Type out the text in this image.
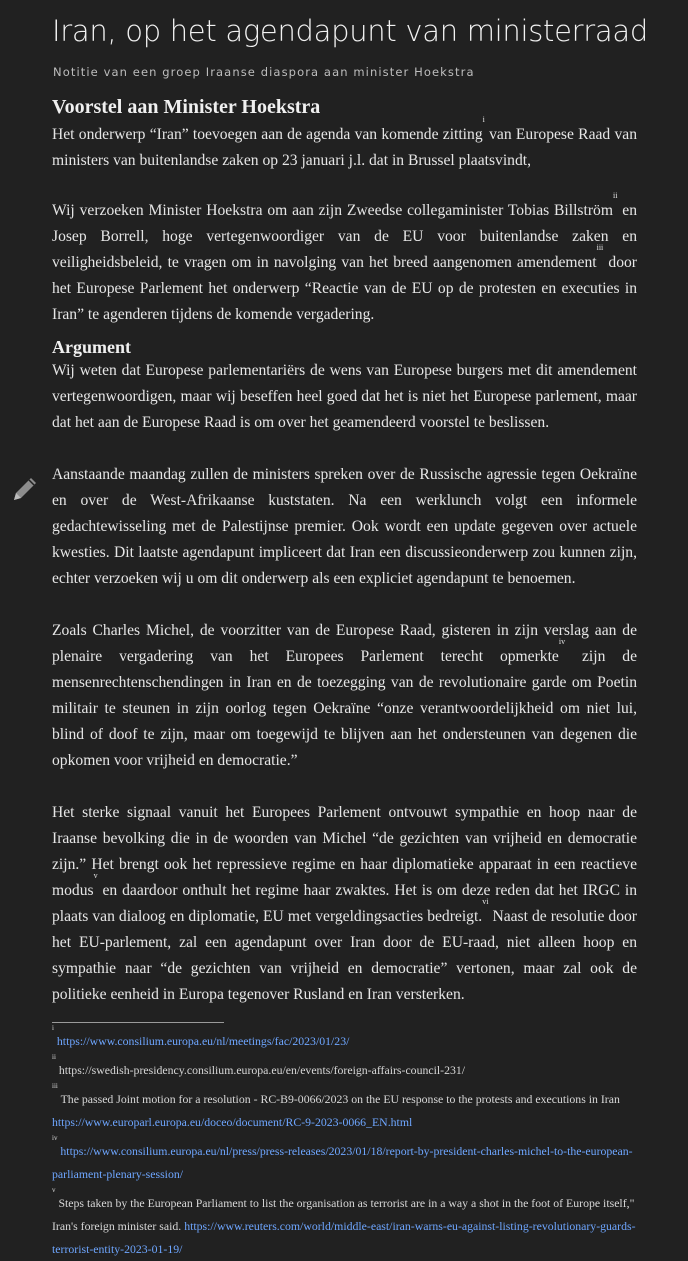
Iran, op het agendapunt van ministerraad

Notitie van een groep Iraanse diaspora aan minister Hoekstra

Voorstel aan Minister Hoekstra

Het onderwerp “Iran” toevoegen aan de agenda van komende zitting$^i$ van Europese Raad van ministers van buitenlandse zaken op 23 januari j.l. dat in Brussel plaatsvindt,

Wij verzoeken Minister Hoekstra om aan zijn Zweedse collegaminister Tobias Billström$^{ii}$ en Josep Borrell, hoge vertegenwoordiger van de EU voor buitenlandse zaken en veiligheidsbeleid, te vragen om in navolging van het breed aangenomen amendement$^{iii}$ door het Europese Parlement het onderwerp “Reactie van de EU op de protesten en executies in Iran” te agenderen tijdens de komende vergadering.

Argument

Wij weten dat Europese parlementariërs de wens van Europese burgers met dit amendement vertegenwoordigen, maar wij beseffen heel goed dat het is niet het Europese parlement, maar dat het aan de Europese Raad is om over het geamendeerd voorstel te beslissen.

Aanstaande maandag zullen de ministers spreken over de Russische agressie tegen Oekraïne en over de West-Afrikaanse kuststaten. Na een werklunch volgt een informele gedachtewisseling met de Palestijnse premier. Ook wordt een update gegeven over actuele kwesties. Dit laatste agendapunt impliceert dat Iran een discussieonderwerp zou kunnen zijn, echter verzoeken wij u om dit onderwerp als een expliciet agendapunt te benoemen.

Zoals Charles Michel, de voorzitter van de Europese Raad, gisteren in zijn verslag aan de plenaire vergadering van het Europees Parlement terecht opmerkte$^{iv}$ zijn de mensenrechtenschendingen in Iran en de toezegging van de revolutionaire garde om Poetin militair te steunen in zijn oorlog tegen Oekraïne “onze verantwoordelijkheid om niet lui, blind of doof te zijn, maar om toegewijd te blijven aan het ondersteunen van degenen die opkomen voor vrijheid en democratie.”

Het sterke signaal vanuit het Europees Parlement ontvouwt sympathie en hoop naar de Iraanse bevolking die in de woorden van Michel “de gezichten van vrijheid en democratie zijn.” Het brengt ook het repressieve regime en haar diplomatieke apparaat in een reactieve modus$^v$ en daardoor onthult het regime haar zwaktes. Het is om deze reden dat het IRGC in plaats van dialoog en diplomatie, EU met vergeldingsacties bedreigt.$^{vi}$ Naast de resolutie door het EU-parlement, zal een agendapunt over Iran door de EU-raad, niet alleen hoop en sympathie naar “de gezichten van vrijheid en democratie” vertonen, maar zal ook de politieke eenheid in Europa tegenover Rusland en Iran versterken.

$^i$ https://www.consilium.europa.eu/nl/meetings/fac/2023/01/23/

$^{ii}$ https://swedish-presidency.consilium.europa.eu/en/events/foreign-affairs-council-231/

$^{iii}$ The passed Joint motion for a resolution - RC-B9-0066/2023 on the EU response to the protests and executions in Iran https://www.europarl.europa.eu/doceo/document/RC-9-2023-0066_EN.html

$^{iv}$ https://www.consilium.europa.eu/nl/press/press-releases/2023/01/18/report-by-president-charles-michel-to-the-european-parliament-plenary-session/

$^v$ Steps taken by the European Parliament to list the organisation as terrorist are in a way a shot in the foot of Europe itself," Iran's foreign minister said. https://www.reuters.com/world/middle-east/iran-warns-eu-against-listing-revolutionary-guards-terrorist-entity-2023-01-19/
